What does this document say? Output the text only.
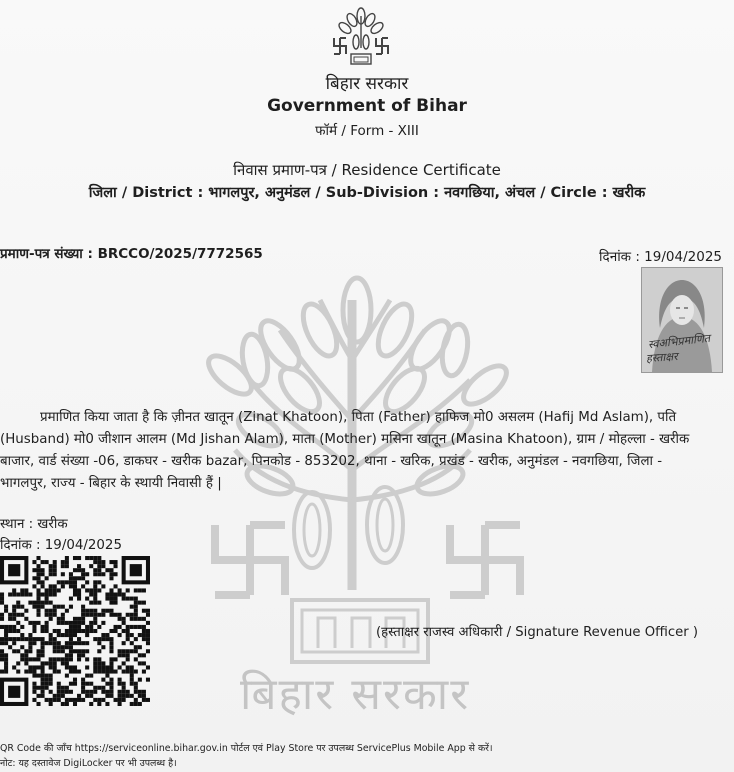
बिहार सरकार
बिहार सरकार
Government of Bihar
फॉर्म / Form - XIII
निवास प्रमाण-पत्र / Residence Certificate
जिला / District : भागलपुर, अनुमंडल / Sub-Division : नवगछिया, अंचल / Circle : खरीक
प्रमाण-पत्र संख्या : BRCCO/2025/7772565	दिनांक : 19/04/2025
स्वअभिप्रमाणित
हस्ताक्षर
प्रमाणित किया जाता है कि ज़ीनत खातून (Zinat Khatoon), पिता (Father) हाफिज मो0 असलम (Hafij Md Aslam), पति
(Husband) मो0 जीशान आलम (Md Jishan Alam), माता (Mother) मसिना खातून (Masina Khatoon), ग्राम / मोहल्ला - खरीक
बाजार, वार्ड संख्या -06, डाकघर - खरीक bazar, पिनकोड - 853202, थाना - खरिक, प्रखंड - खरीक, अनुमंडल - नवगछिया, जिला -
भागलपुर, राज्य - बिहार के स्थायी निवासी हैं |
स्थान : खरीक
दिनांक : 19/04/2025
(हस्ताक्षर राजस्व अधिकारी / Signature Revenue Officer )
QR Code की जाँच https://serviceonline.bihar.gov.in पोर्टल एवं Play Store पर उपलब्ध ServicePlus Mobile App से करें।
नोट: यह दस्तावेज DigiLocker पर भी उपलब्ध है।
